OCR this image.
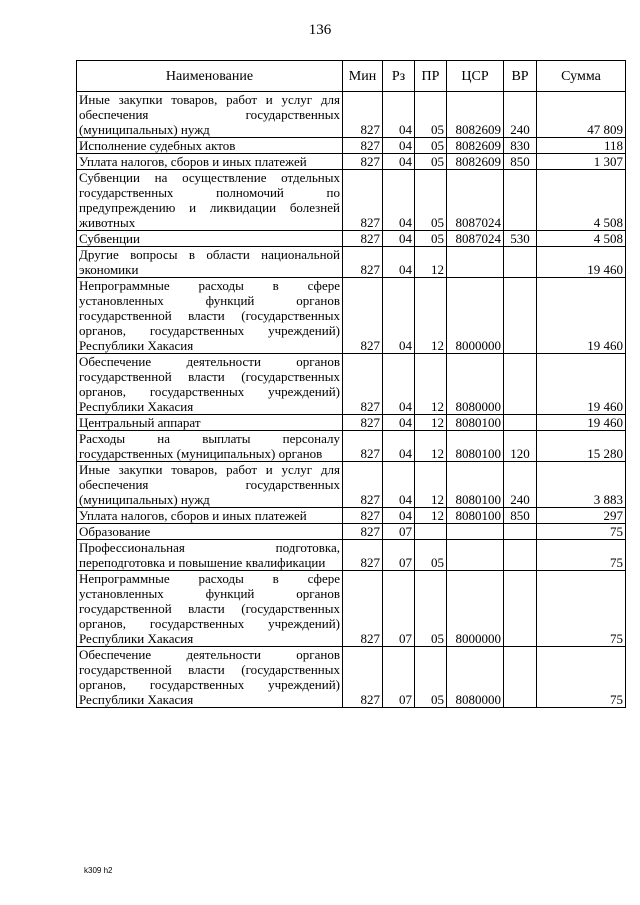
136
Наименование	Мин	Рз	ПР	ЦСР	ВР	Сумма
Иные закупки товаров, работ и услуг для обеспечения государственных (муниципальных) нужд	827	04	05	8082609	240	47 809
Исполнение судебных актов	827	04	05	8082609	830	118
Уплата налогов, сборов и иных платежей	827	04	05	8082609	850	1 307
Субвенции на осуществление отдельных государственных полномочий по предупреждению и ликвидации болезней животных	827	04	05	8087024		4 508
Субвенции	827	04	05	8087024	530	4 508
Другие вопросы в области национальной экономики	827	04	12			19 460
Непрограммные расходы в сфере установленных функций органов государственной власти (государственных органов, государственных учреждений) Республики Хакасия	827	04	12	8000000		19 460
Обеспечение деятельности органов государственной власти (государственных органов, государственных учреждений) Республики Хакасия	827	04	12	8080000		19 460
Центральный аппарат	827	04	12	8080100		19 460
Расходы на выплаты персоналу государственных (муниципальных) органов	827	04	12	8080100	120	15 280
Иные закупки товаров, работ и услуг для обеспечения государственных (муниципальных) нужд	827	04	12	8080100	240	3 883
Уплата налогов, сборов и иных платежей	827	04	12	8080100	850	297
Образование	827	07				75
Профессиональная подготовка, переподготовка и повышение квалификации	827	07	05			75
Непрограммные расходы в сфере установленных функций органов государственной власти (государственных органов, государственных учреждений) Республики Хакасия	827	07	05	8000000		75
Обеспечение деятельности органов государственной власти (государственных органов, государственных учреждений) Республики Хакасия	827	07	05	8080000		75
k309 h2
